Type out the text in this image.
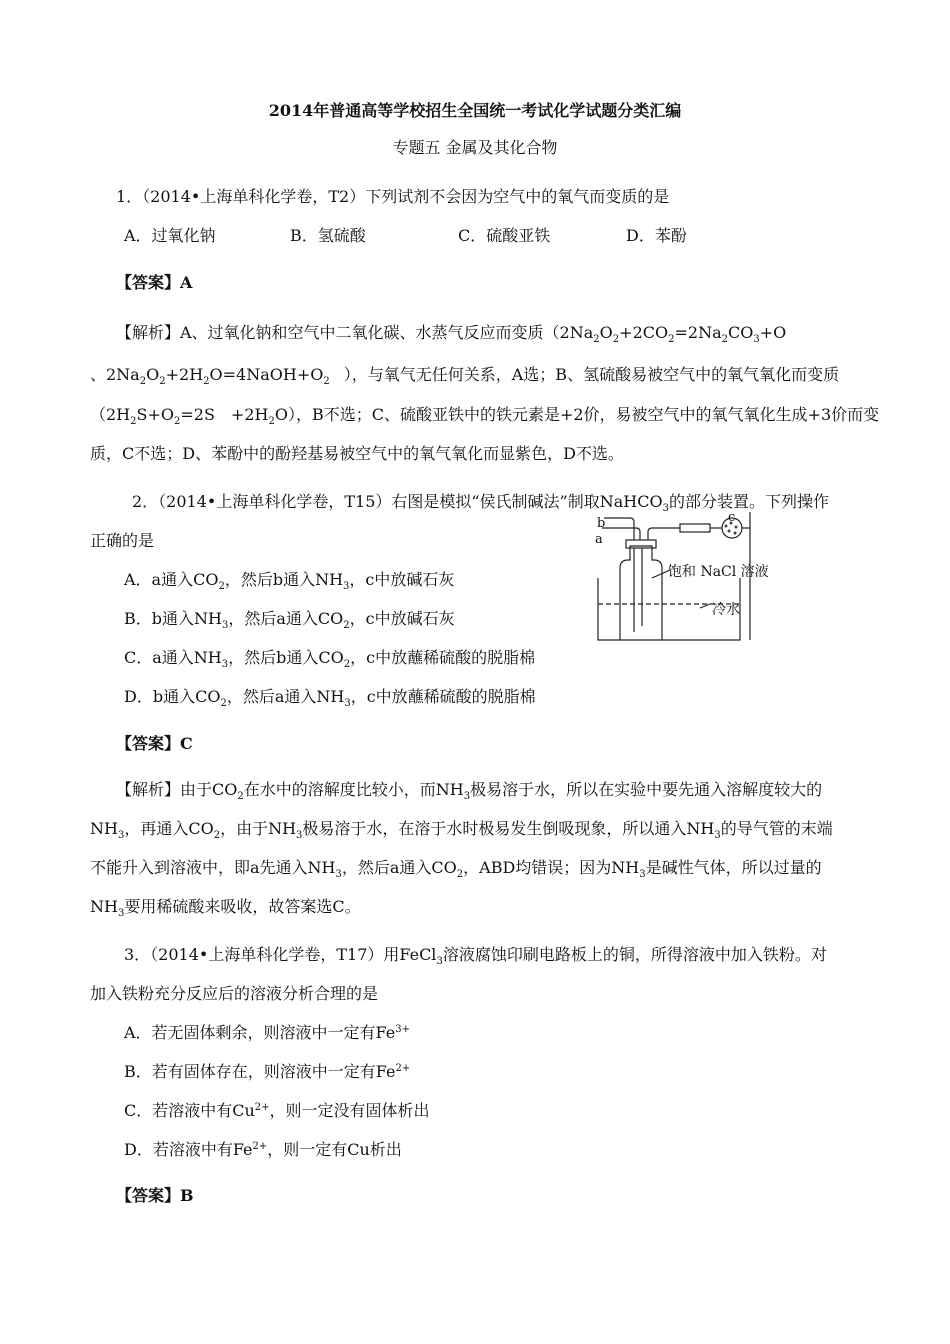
2014年普通高等学校招生全国统一考试化学试题分类汇编
专题五 金属及其化合物
1．（2014•上海单科化学卷，T2）下列试剂不会因为空气中的氧气而变质的是
A．过氧化钠	B．氢硫酸	C．硫酸亚铁	D．苯酚
【答案】A
【解析】A、过氧化钠和空气中二氧化碳、水蒸气反应而变质（$2Na_2O_2+2CO_2=2Na_2CO_3+O$
、$2Na_2O_2+2H_2O=4NaOH+O_2$ ），与氧气无任何关系，A选；B、氢硫酸易被空气中的氧气氧化而变质
（$2H_2S+O_2=2S$　$+2H_2O$），B不选；C、硫酸亚铁中的铁元素是+2价，易被空气中的氧气氧化生成+3价而变
质，C不选；D、苯酚中的酚羟基易被空气中的氧气氧化而显紫色，D不选。
2．（2014•上海单科化学卷，T15）右图是模拟“侯氏制碱法”制取NaHCO$_3$的部分装置。下列操作
正确的是
A．a通入$CO_2$，然后b通入$NH_3$，c中放碱石灰
B．b通入$NH_3$，然后a通入$CO_2$，c中放碱石灰
C．a通入$NH_3$，然后b通入$CO_2$，c中放蘸稀硫酸的脱脂棉
D．b通入$CO_2$，然后a通入$NH_3$，c中放蘸稀硫酸的脱脂棉
b
a
c
饱和 NaCl 溶液
冷水
【答案】C
【解析】由于$CO_2$在水中的溶解度比较小，而$NH_3$极易溶于水，所以在实验中要先通入溶解度较大的
$NH_3$，再通入$CO_2$，由于$NH_3$极易溶于水，在溶于水时极易发生倒吸现象，所以通入$NH_3$的导气管的末端
不能升入到溶液中，即a先通入$NH_3$，然后a通入$CO_2$，ABD均错误；因为$NH_3$是碱性气体，所以过量的
$NH_3$要用稀硫酸来吸收，故答案选C。
3．（2014•上海单科化学卷，T17）用FeCl$_3$溶液腐蚀印刷电路板上的铜，所得溶液中加入铁粉。对
加入铁粉充分反应后的溶液分析合理的是
A．若无固体剩余，则溶液中一定有$Fe^{3+}$
B．若有固体存在，则溶液中一定有$Fe^{2+}$
C．若溶液中有$Cu^{2+}$，则一定没有固体析出
D．若溶液中有$Fe^{2+}$，则一定有Cu析出
【答案】B
